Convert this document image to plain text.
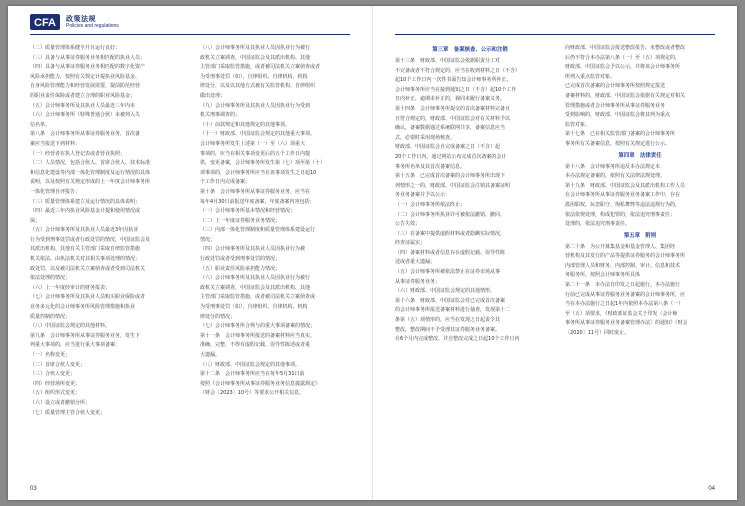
CFA 政策法规
Policies and regulations

（二）质量管理体系健全并且运行良好；

（三）具备与从事证券服务业务相匹配的执业人员；

（四）具备与从事证券服务业务相匹配的数字化资产

风险承担能力，按照有关规定计提执业风险基金、

自身风险管理能力和经营发展需要，提前防范经营

的职业责任保险或者建立合理的职业风险基金；

（五）会计师事务所及其执业人员最近三年内未

（六）会计师事务所（特殊普通合伙）未被列入失

信名单。

第八条　会计师事务所从事证券服务业务，首次备

案应当报送下列材料：

（一）经营者在执人登记表或者营业执照；

（二）人员情况，包括合伙人、首席合伙人、技术标准

和信息化建设等内部一体化管理制度及运行情况的具体

说明，以及按照有关规定形成的上一年度会计师事务所

一体化管理自评报告；

（三）质量管理体系建立及运行情况的具体说明；

（四）最近三年内执业风险基金计提和使用情况或

保；

（五）会计师事务所及其执业人员最近3年因执业

行为受到刑事处罚或者行政处罚的情况，中国证监会及

其派出机构、其他有关主管部门采取自律监管措施

机关依法、由执法机关对其相关事项处理的情况；

政处罚，以及被司法机关立案侦查或者受到司法机关

依法处理的情况；

（六）上一年度经审计的财务报表；

（七）会计师事务所及其执业人员购买职业保险或者

业务多元化的会计师事务所风险管理措施和执业

质量控制的情况；

（八）中国证监会规定的其他材料。

第九条　会计师事务所从事证券服务业务，发生下

列重大事项的，应当进行重大事项备案：

（一）名称变更；

（二）首席合伙人变更；

（三）合伙人变更；

（四）经营场所变更；

（五）组织形式变更；

（六）设立或者撤销分所；

（七）质量管理主管合伙人变更；

（八）会计师事务所及其执业人员因执业行为被行

政机关立案调查，中国证监会及其派出机构、其他

主管部门采取监管措施，或者被司法机关立案侦查或者

为受刑事处罚（如），自律组织、自律机构、机构

律处分，以及以其他方式被有关监管机构、自律组织

做出处理；

（九）会计师事务所及其执业人员因执业行为受到

机关刑事调查的；

（十）前款规定和其他规定的其他事项。

（十一）财政部、中国证监会规定的其他重大事项。

会计师事务所发生上述第（一）至（六）项重大

事项的，应当在相关事项变更后的五个工作日内提

供，变更备案，会计师事务所发生第（七）项至第（十）

项事项的，会计师事务所应当在该事项发生之日起10

个工作日内完成备案；

第十条　会计师事务所从事证券服务业务，应当在

每年4月30日前报送年度备案，年度备案内容包括：

（一）会计师事务所基本情况和经营情况；

（二）上一年度证券服务业务情况；

（三）内部一体化管理制度和质量管理体系建设运行

情况；

（四）会计师事务所及其执业人员因执业行为被

行政处罚或者受到刑事处罚的情况；

（五）职业责任风险承担能力情况；

（六）会计师事务所及其执业人员因执业行为被行

政机关立案调查，中国证监会及其派出机构、其他

主管部门采取监管措施，或者被司法机关立案侦查或

为受刑事处罚（如），自律组织、自律机构、机构

律处分的情况；

（七）会计师事务所合规与的重大事项备案的情况；

第十一条　会计师事务所报送的备案材料应当真实、

准确、完整，不得有虚假记载、误导性陈述或者重

大遗漏。

（八）财政部、中国证监会规定的其他事项。

第十二条　会计师事务所应当在每年5月31日前

按照《会计师事务所从事证券服务业务信息披露规定》

（财会〔2023〕10号）等要求公开相关信息。

03

第三章　备案核查、公示和注销

第十三条　财政部、中国证监会依据职责分工对

不完备或者不符合规定的，应当在收到材料之日（不含）

起10个工作日内一次性书面告知会计师事务所补正。

会计师事务所应当在接到通知之日（不含）起10个工作

日内补正，逾期未补正的，视同未履行备案义务。

第十四条　会计师事务所提交的首次备案材料完备且

且符合规定的，财政部、中国证监会对有关材料予以

确认，备案数据通过系统联网共享，备案信息应当

式，必要时采用现场核查。

财政部、中国证监会自完成备案之日（不含）起

20个工作日内，通过网站公布完成首次备案的会计

事务所名单及其首次备案信息。

第十五条　已完成首次备案的会计师事务所出现下

列情形之一的，财政部、中国证监会注销其备案证明

务业务备案并予以公示：

（一）会计师事务所依法终止；

（二）会计师事务所执业许可被依法撤销、撤回、

公告失效；

（三）在备案中提供虚假材料或者隐瞒实际情况，

经查证属实；

（四）备案材料或者信息存在虚假记载、误导性陈

述或者重大遗漏；

（五）会计师事务所被依法禁止在证券市场从事

从事证券服务业务；

（六）财政部、中国证监会规定的其他情形。

第十六条　财政部、中国证监会对已完成首次备案

的会计师事务所报送备案材料进行抽查，发现第十二

条第（五）项情形的，应当在发现之日起责令其

整改，整改期间不予受理其证券服务业务备案。

在6个月内完成整改，并自整改完成之日起10个工作日内

向财政部、中国证监会报送整改报告。未整改或者整改

后仍不符合本办法第八条（一）至（五）项规定的，

财政部、中国证监会予以公示，并将该会计师事务所

所列入重点监管对象。

已完成首次备案的会计师事务所按照规定报送

备案材料的，财政部、中国证监会依据有关规定对相关

管理措施或者会计师事务所从事证券服务业务

受到影响的，财政部、中国证监会将其列为重点

监管对象。

第十七条　已在相关监管部门备案的会计师事务所

事务所有关备案信息，按照有关规定进行公示。

第四章　法律责任

第十八条　会计师事务所违反本办法规定未

本办法规定备案的，依照有关法律法规处理。

第十九条　财政部、中国证监会及其派出机构工作人员

在会计师事务所从事证券服务业务备案工作中，存在

滥用职权、玩忽职守、徇私舞弊等违法违规行为的，

依法依规处理，构成犯罪的，依法追究刑事责任；

处理的，依法追究刑事责任。

第五章　附则

第二十条　为公开募集基金和基金管理人、集团经

营机构及其发行的产品等提供证券服务的会计师事务所

内部管理人员和财务、内部控制、审计、信息和技术

务服务所，按照会计师事务所具体

第二十一条　本办法自印发之日起施行。本办法施行

行前已完成从事证券服务业务备案的会计师事务所，应

当在本办法施行之日起1年内依照本办法第八条（一）

至（五）项要求，《财政部证监会关于印发〈会计师

事务所从事证券服务业务备案管理办法〉的通知》（财会

〔2020〕11号）同时废止。

04
